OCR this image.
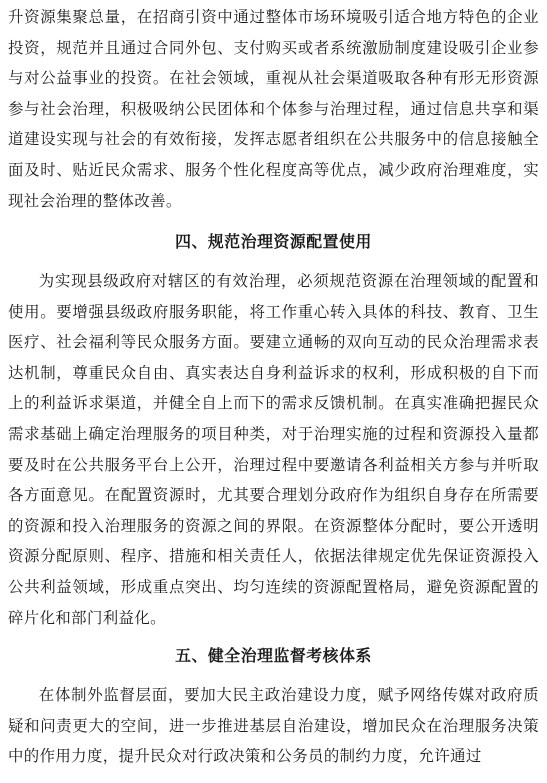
升资源集聚总量，在招商引资中通过整体市场环境吸引适合地方特色的企业投资，规范并且通过合同外包、支付购买或者系统激励制度建设吸引企业参与对公益事业的投资。在社会领域，重视从社会渠道吸取各种有形无形资源参与社会治理，积极吸纳公民团体和个体参与治理过程，通过信息共享和渠道建设实现与社会的有效衔接，发挥志愿者组织在公共服务中的信息接触全面及时、贴近民众需求、服务个性化程度高等优点，减少政府治理难度，实现社会治理的整体改善。

四、规范治理资源配置使用

为实现县级政府对辖区的有效治理，必须规范资源在治理领域的配置和使用。要增强县级政府服务职能，将工作重心转入具体的科技、教育、卫生医疗、社会福利等民众服务方面。要建立通畅的双向互动的民众治理需求表达机制，尊重民众自由、真实表达自身利益诉求的权利，形成积极的自下而上的利益诉求渠道，并健全自上而下的需求反馈机制。在真实准确把握民众需求基础上确定治理服务的项目种类，对于治理实施的过程和资源投入量都要及时在公共服务平台上公开，治理过程中要邀请各利益相关方参与并听取各方面意见。在配置资源时，尤其要合理划分政府作为组织自身存在所需要的资源和投入治理服务的资源之间的界限。在资源整体分配时，要公开透明资源分配原则、程序、措施和相关责任人，依据法律规定优先保证资源投入公共利益领域，形成重点突出、均匀连续的资源配置格局，避免资源配置的碎片化和部门利益化。

五、健全治理监督考核体系

在体制外监督层面，要加大民主政治建设力度，赋予网络传媒对政府质疑和问责更大的空间，进一步推进基层自治建设，增加民众在治理服务决策中的作用力度，提升民众对行政决策和公务员的制约力度，允许通过
